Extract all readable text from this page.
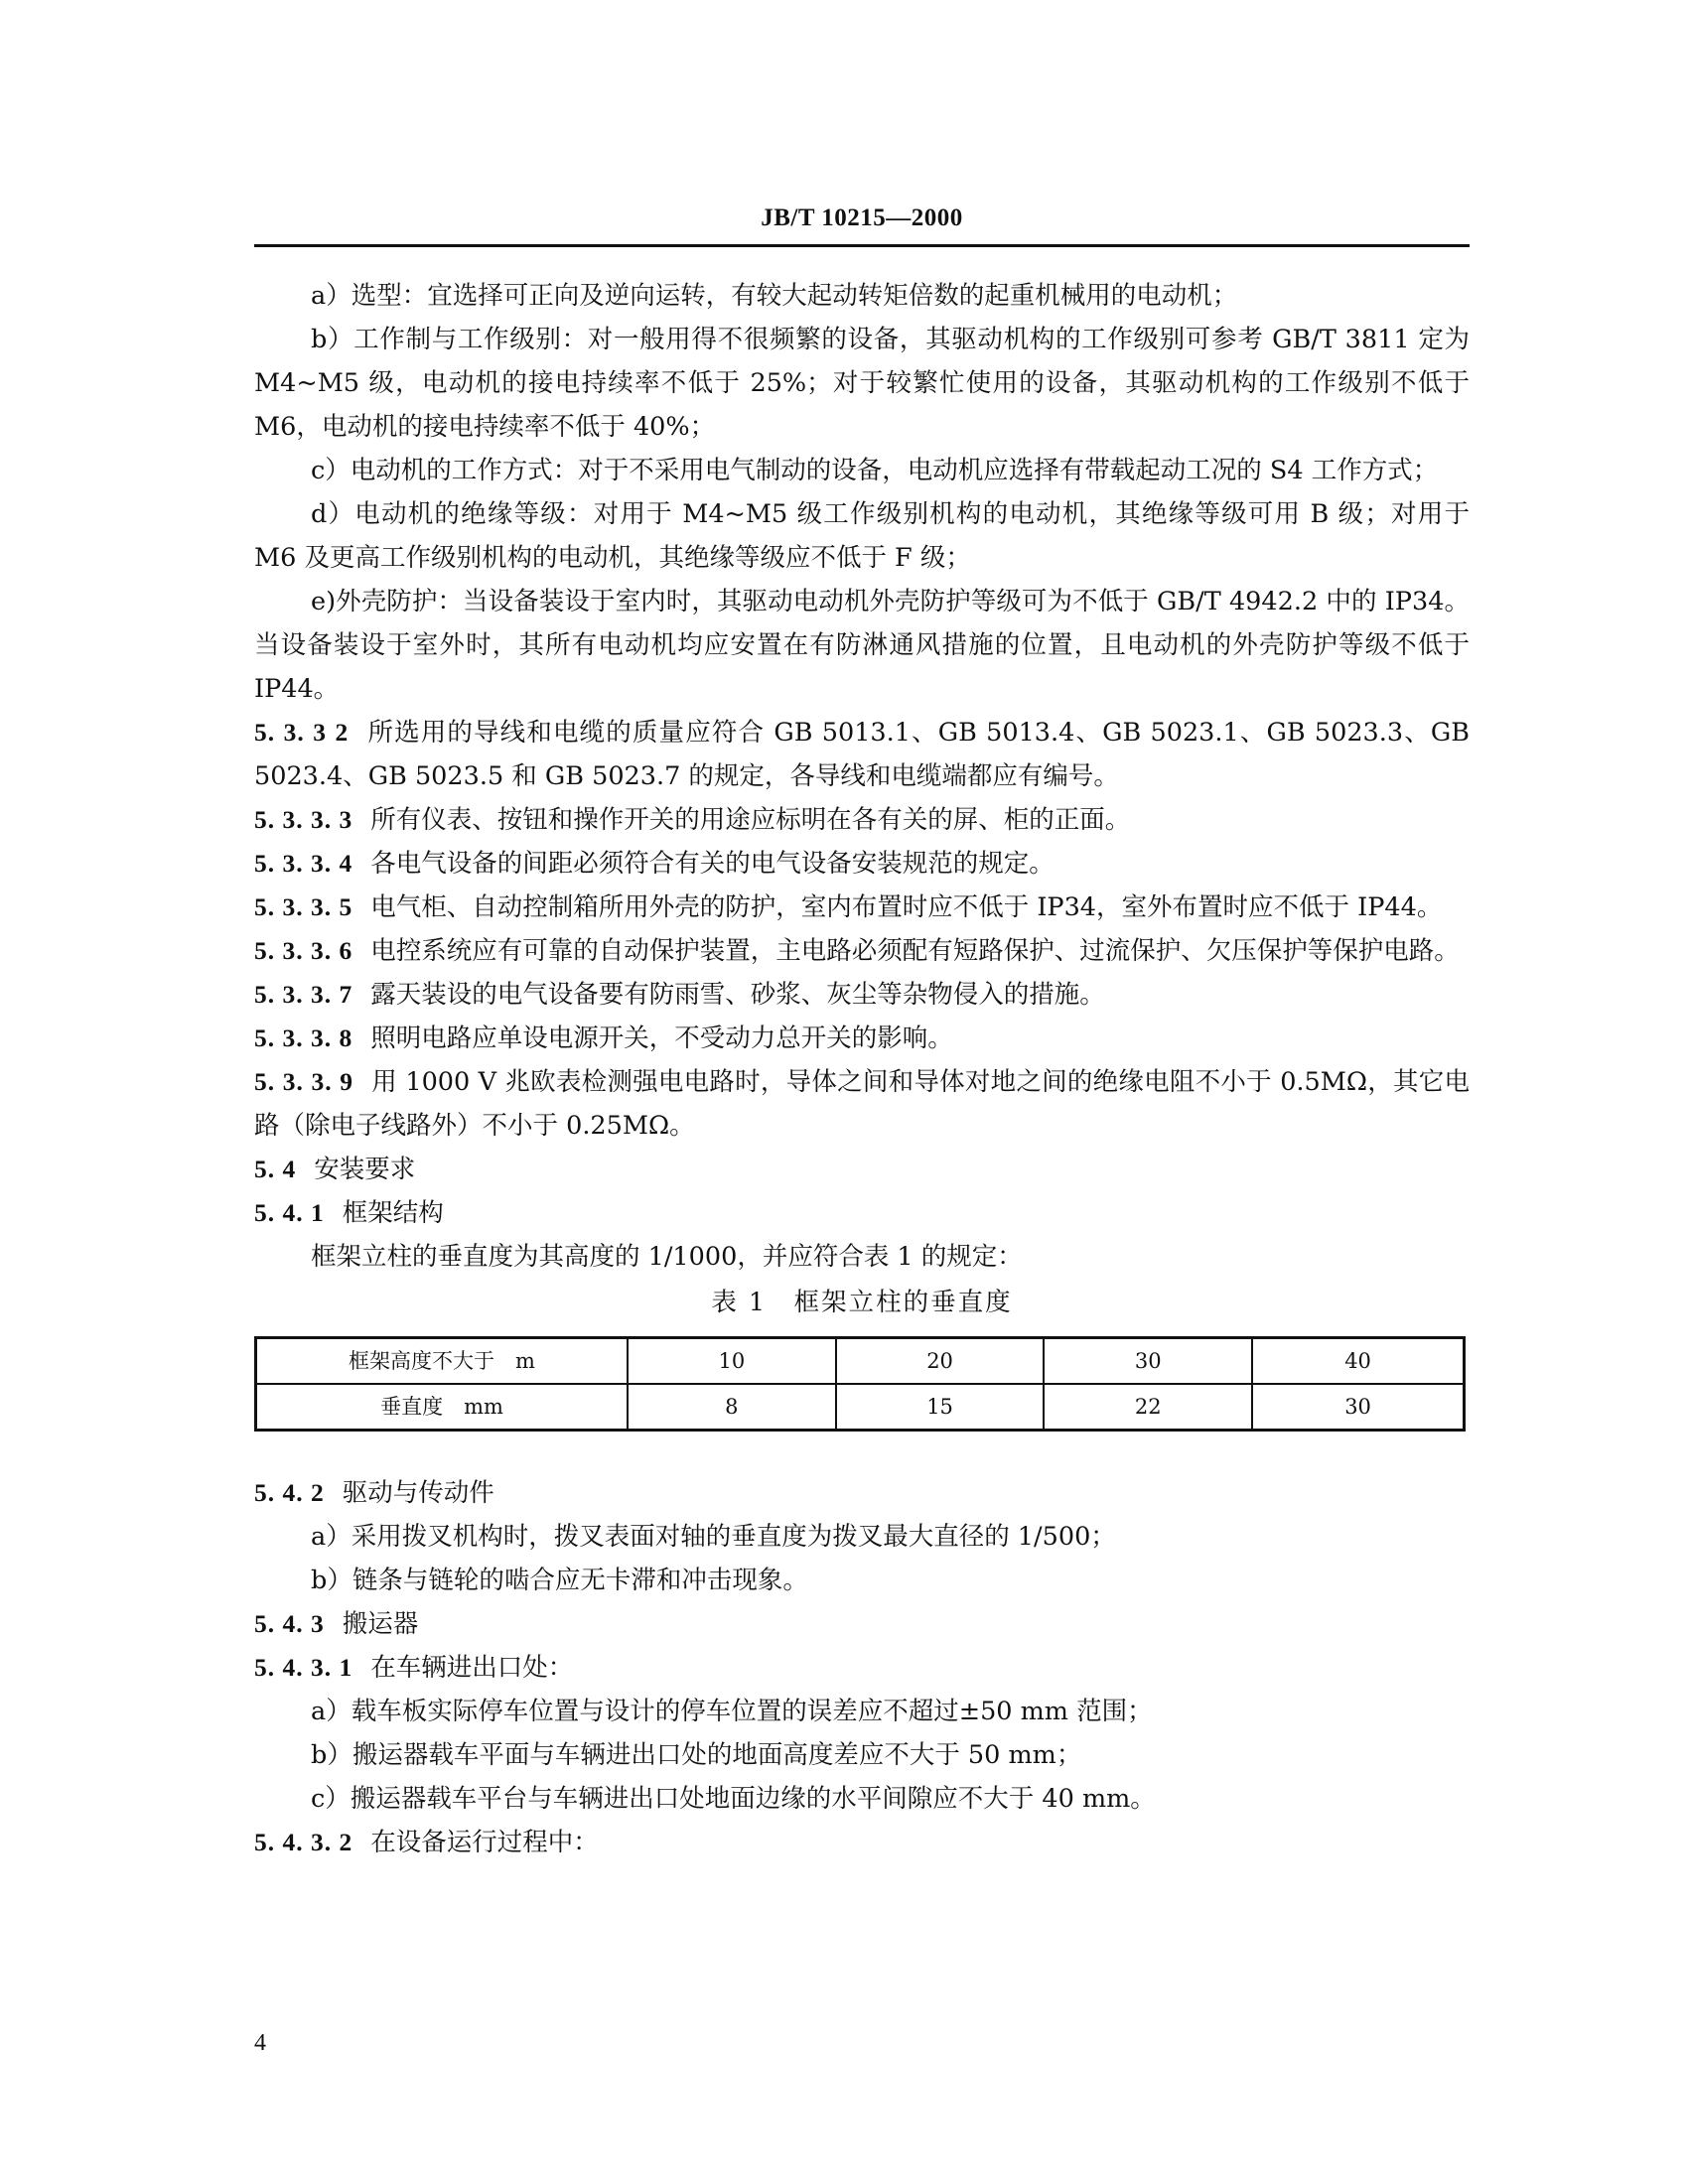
JB/T 10215—2000

a）选型：宜选择可正向及逆向运转，有较大起动转矩倍数的起重机械用的电动机；

b）工作制与工作级别：对一般用得不很频繁的设备，其驱动机构的工作级别可参考 GB/T 3811 定为 M4~M5 级，电动机的接电持续率不低于 25%；对于较繁忙使用的设备，其驱动机构的工作级别不低于 M6，电动机的接电持续率不低于 40%；

c）电动机的工作方式：对于不采用电气制动的设备，电动机应选择有带载起动工况的 S4 工作方式；

d）电动机的绝缘等级：对用于 M4~M5 级工作级别机构的电动机，其绝缘等级可用 B 级；对用于 M6 及更高工作级别机构的电动机，其绝缘等级应不低于 F 级；

e)外壳防护：当设备装设于室内时，其驱动电动机外壳防护等级可为不低于 GB/T 4942.2 中的 IP34。当设备装设于室外时，其所有电动机均应安置在有防淋通风措施的位置，且电动机的外壳防护等级不低于 IP44。

5. 3. 3 2 所选用的导线和电缆的质量应符合 GB 5013.1、GB 5013.4、GB 5023.1、GB 5023.3、GB 5023.4、GB 5023.5 和 GB 5023.7 的规定，各导线和电缆端都应有编号。

5. 3. 3. 3 所有仪表、按钮和操作开关的用途应标明在各有关的屏、柜的正面。

5. 3. 3. 4 各电气设备的间距必须符合有关的电气设备安装规范的规定。

5. 3. 3. 5 电气柜、自动控制箱所用外壳的防护，室内布置时应不低于 IP34，室外布置时应不低于 IP44。

5. 3. 3. 6 电控系统应有可靠的自动保护装置，主电路必须配有短路保护、过流保护、欠压保护等保护电路。

5. 3. 3. 7 露天装设的电气设备要有防雨雪、砂浆、灰尘等杂物侵入的措施。

5. 3. 3. 8 照明电路应单设电源开关，不受动力总开关的影响。

5. 3. 3. 9 用 1000 V 兆欧表检测强电电路时，导体之间和导体对地之间的绝缘电阻不小于 0.5MΩ，其它电路（除电子线路外）不小于 0.25MΩ。

5. 4 安装要求

5. 4. 1 框架结构

框架立柱的垂直度为其高度的 1/1000，并应符合表 1 的规定：

表 1　框架立柱的垂直度

框架高度不大于　m	10	20	30	40
垂直度　mm	8	15	22	30

5. 4. 2 驱动与传动件

a）采用拨叉机构时，拨叉表面对轴的垂直度为拨叉最大直径的 1/500；

b）链条与链轮的啮合应无卡滞和冲击现象。

5. 4. 3 搬运器

5. 4. 3. 1 在车辆进出口处：

a）载车板实际停车位置与设计的停车位置的误差应不超过±50 mm 范围；

b）搬运器载车平面与车辆进出口处的地面高度差应不大于 50 mm；

c）搬运器载车平台与车辆进出口处地面边缘的水平间隙应不大于 40 mm。

5. 4. 3. 2 在设备运行过程中：

4
